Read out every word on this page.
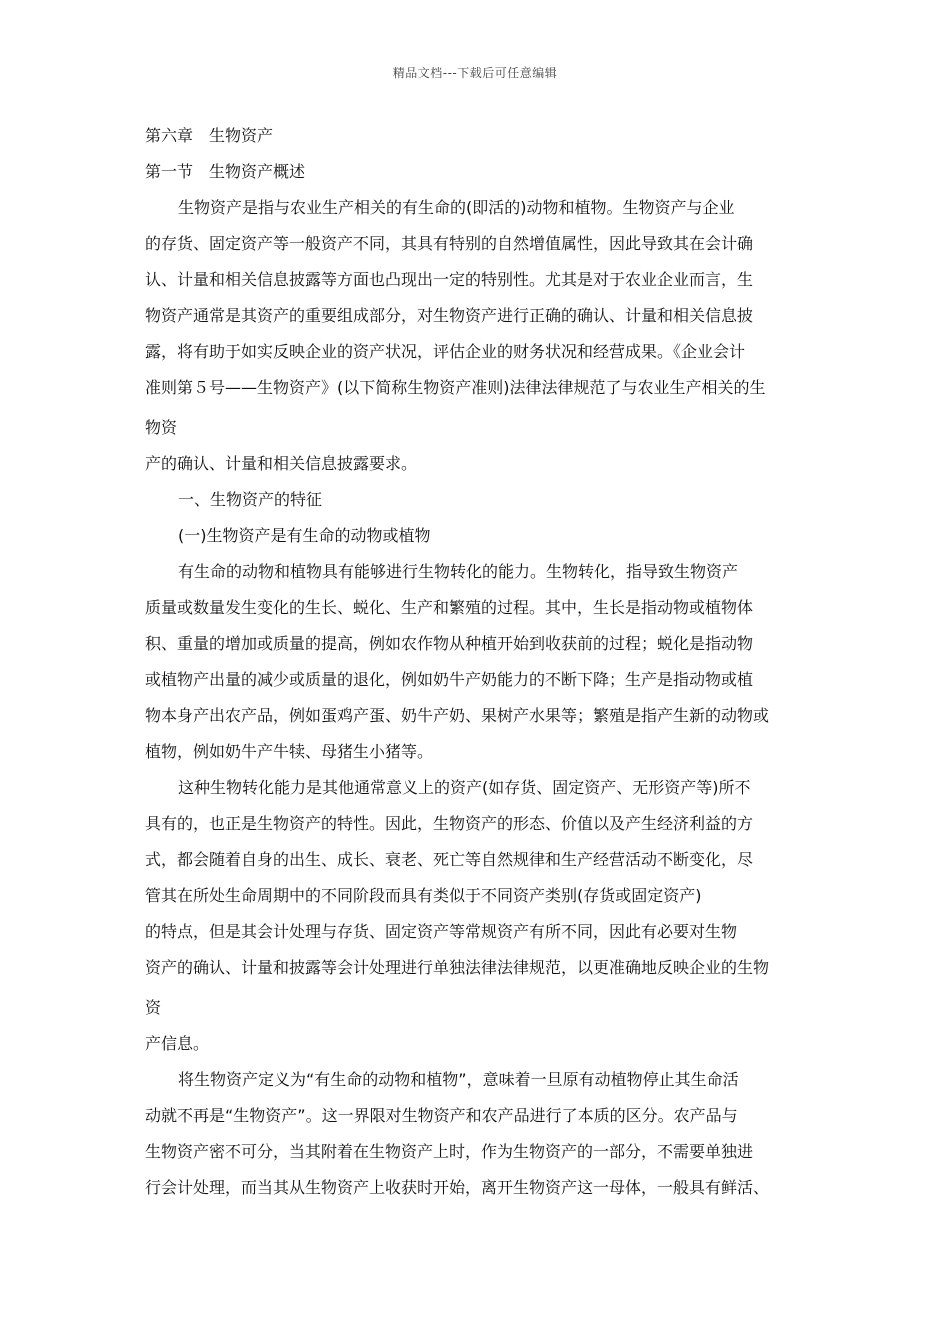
精品文档---下载后可任意编辑
第六章　生物资产
第一节　生物资产概述
生物资产是指与农业生产相关的有生命的(即活的)动物和植物。生物资产与企业
的存货、固定资产等一般资产不同，其具有特别的自然增值属性，因此导致其在会计确
认、计量和相关信息披露等方面也凸现出一定的特别性。尤其是对于农业企业而言，生
物资产通常是其资产的重要组成部分，对生物资产进行正确的确认、计量和相关信息披
露，将有助于如实反映企业的资产状况，评估企业的财务状况和经营成果。《企业会计
准则第５号——生物资产》(以下简称生物资产准则)法律法律规范了与农业生产相关的生
物资
产的确认、计量和相关信息披露要求。
一、生物资产的特征
(一)生物资产是有生命的动物或植物
有生命的动物和植物具有能够进行生物转化的能力。生物转化，指导致生物资产
质量或数量发生变化的生长、蜕化、生产和繁殖的过程。其中，生长是指动物或植物体
积、重量的增加或质量的提高，例如农作物从种植开始到收获前的过程；蜕化是指动物
或植物产出量的减少或质量的退化，例如奶牛产奶能力的不断下降；生产是指动物或植
物本身产出农产品，例如蛋鸡产蛋、奶牛产奶、果树产水果等；繁殖是指产生新的动物或
植物，例如奶牛产牛犊、母猪生小猪等。
这种生物转化能力是其他通常意义上的资产(如存货、固定资产、无形资产等)所不
具有的，也正是生物资产的特性。因此，生物资产的形态、价值以及产生经济利益的方
式，都会随着自身的出生、成长、衰老、死亡等自然规律和生产经营活动不断变化，尽
管其在所处生命周期中的不同阶段而具有类似于不同资产类别(存货或固定资产)
的特点，但是其会计处理与存货、固定资产等常规资产有所不同，因此有必要对生物
资产的确认、计量和披露等会计处理进行单独法律法律规范，以更准确地反映企业的生物
资
产信息。
将生物资产定义为“有生命的动物和植物”，意味着一旦原有动植物停止其生命活
动就不再是“生物资产”。这一界限对生物资产和农产品进行了本质的区分。农产品与
生物资产密不可分，当其附着在生物资产上时，作为生物资产的一部分，不需要单独进
行会计处理，而当其从生物资产上收获时开始，离开生物资产这一母体，一般具有鲜活、
